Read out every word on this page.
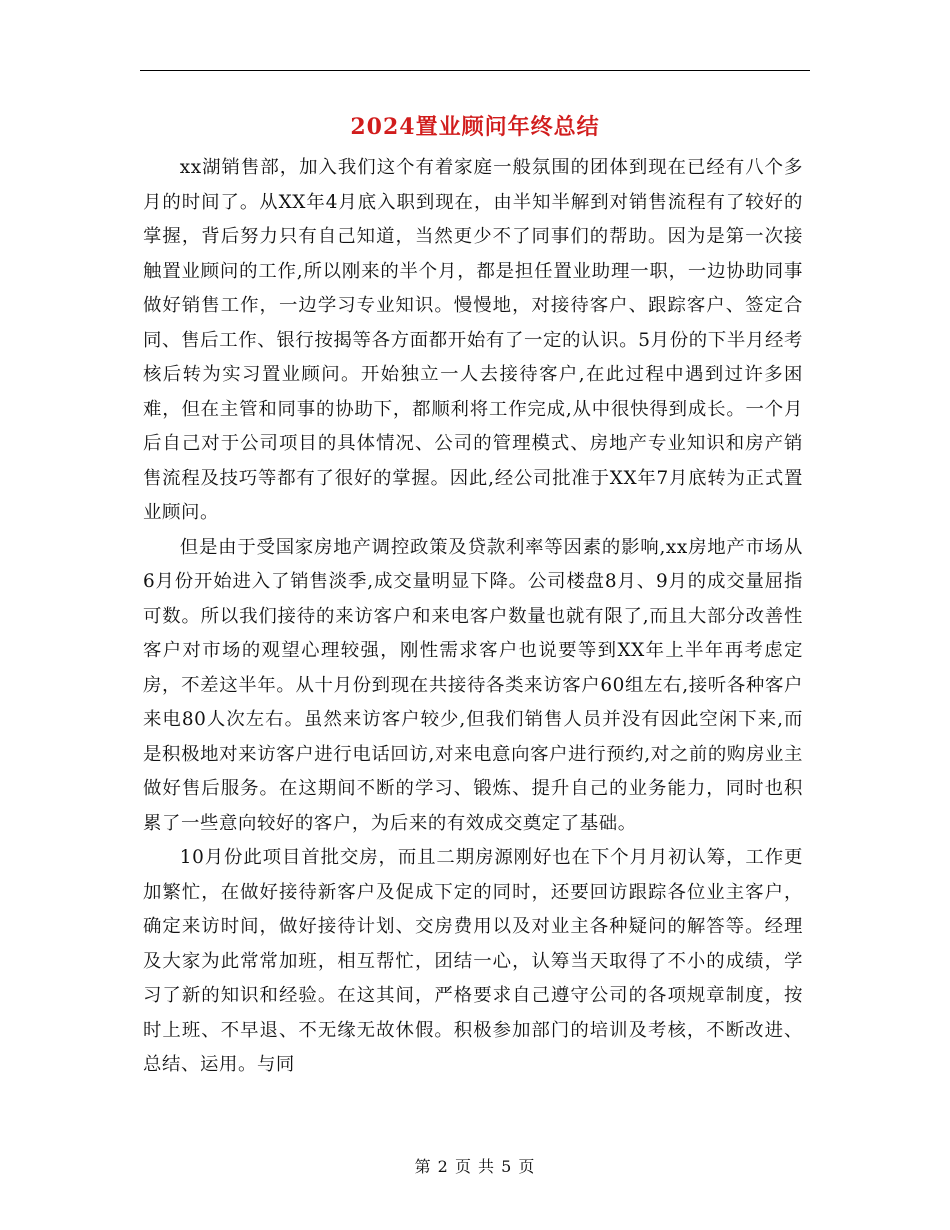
2024置业顾问年终总结

xx湖销售部，加入我们这个有着家庭一般氛围的团体到现在已经有八个多月的时间了。从XX年4月底入职到现在，由半知半解到对销售流程有了较好的掌握，背后努力只有自己知道，当然更少不了同事们的帮助。因为是第一次接触置业顾问的工作,所以刚来的半个月，都是担任置业助理一职，一边协助同事做好销售工作，一边学习专业知识。慢慢地，对接待客户、跟踪客户、签定合同、售后工作、银行按揭等各方面都开始有了一定的认识。5月份的下半月经考核后转为实习置业顾问。开始独立一人去接待客户,在此过程中遇到过许多困难，但在主管和同事的协助下，都顺利将工作完成,从中很快得到成长。一个月后自己对于公司项目的具体情况、公司的管理模式、房地产专业知识和房产销售流程及技巧等都有了很好的掌握。因此,经公司批准于XX年7月底转为正式置业顾问。

但是由于受国家房地产调控政策及贷款利率等因素的影响,xx房地产市场从6月份开始进入了销售淡季,成交量明显下降。公司楼盘8月、9月的成交量屈指可数。所以我们接待的来访客户和来电客户数量也就有限了,而且大部分改善性客户对市场的观望心理较强，刚性需求客户也说要等到XX年上半年再考虑定房，不差这半年。从十月份到现在共接待各类来访客户60组左右,接听各种客户来电80人次左右。虽然来访客户较少,但我们销售人员并没有因此空闲下来,而是积极地对来访客户进行电话回访,对来电意向客户进行预约,对之前的购房业主做好售后服务。在这期间不断的学习、锻炼、提升自己的业务能力，同时也积累了一些意向较好的客户，为后来的有效成交奠定了基础。

10月份此项目首批交房，而且二期房源刚好也在下个月月初认筹，工作更加繁忙，在做好接待新客户及促成下定的同时，还要回访跟踪各位业主客户，确定来访时间，做好接待计划、交房费用以及对业主各种疑问的解答等。经理及大家为此常常加班，相互帮忙，团结一心，认筹当天取得了不小的成绩，学习了新的知识和经验。在这其间，严格要求自己遵守公司的各项规章制度，按时上班、不早退、不无缘无故休假。积极参加部门的培训及考核，不断改进、总结、运用。与同

第 2 页 共 5 页
